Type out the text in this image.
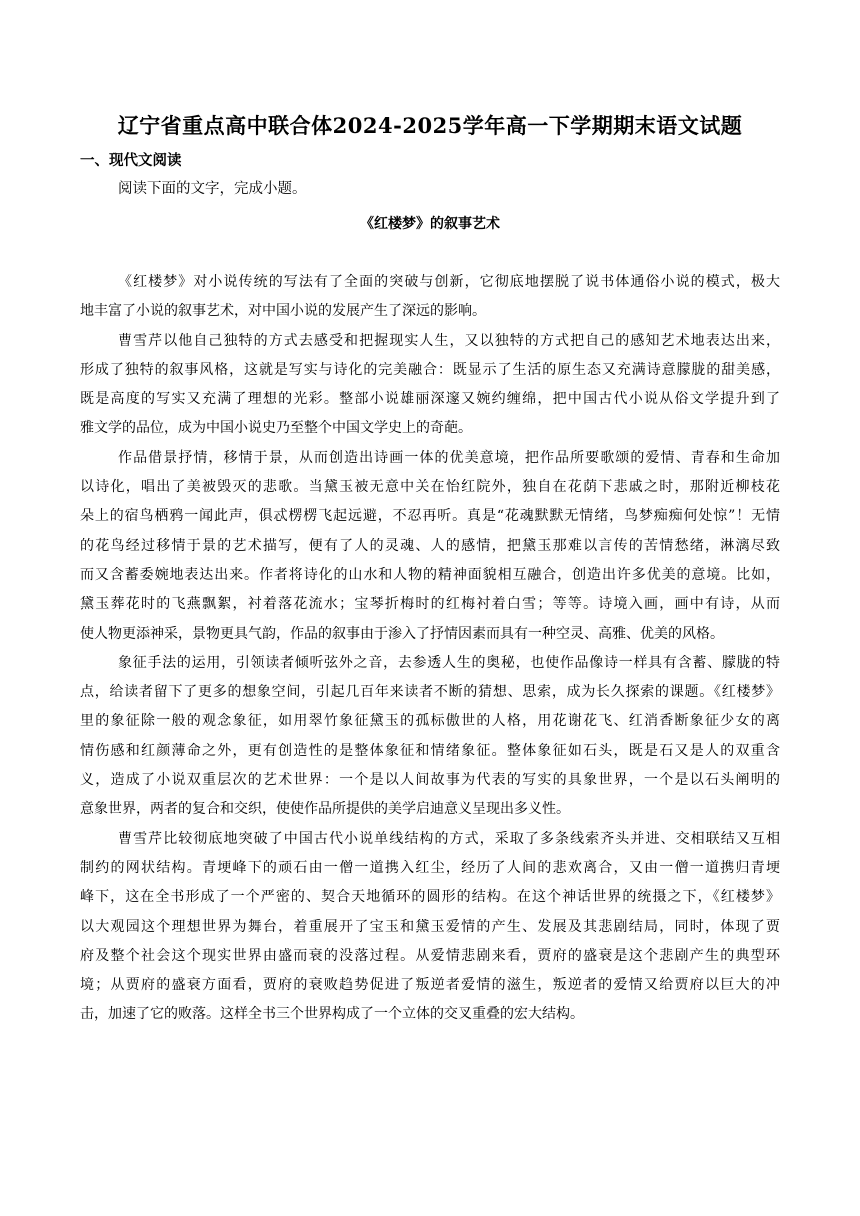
辽宁省重点高中联合体2024-2025学年高一下学期期末语文试题
一、现代文阅读
阅读下面的文字，完成小题。
《红楼梦》的叙事艺术
《红楼梦》对小说传统的写法有了全面的突破与创新，它彻底地摆脱了说书体通俗小说的模式，极大
地丰富了小说的叙事艺术，对中国小说的发展产生了深远的影响。
曹雪芹以他自己独特的方式去感受和把握现实人生，又以独特的方式把自己的感知艺术地表达出来，
形成了独特的叙事风格，这就是写实与诗化的完美融合：既显示了生活的原生态又充满诗意朦胧的甜美感，
既是高度的写实又充满了理想的光彩。整部小说雄丽深邃又婉约缠绵，把中国古代小说从俗文学提升到了
雅文学的品位，成为中国小说史乃至整个中国文学史上的奇葩。
作品借景抒情，移情于景，从而创造出诗画一体的优美意境，把作品所要歌颂的爱情、青春和生命加
以诗化，唱出了美被毁灭的悲歌。当黛玉被无意中关在怡红院外，独自在花荫下悲戚之时，那附近柳枝花
朵上的宿鸟栖鸦一闻此声，俱忒楞楞飞起远避，不忍再听。真是“花魂默默无情绪，鸟梦痴痴何处惊”！无情
的花鸟经过移情于景的艺术描写，便有了人的灵魂、人的感情，把黛玉那难以言传的苦情愁绪，淋漓尽致
而又含蓄委婉地表达出来。作者将诗化的山水和人物的精神面貌相互融合，创造出许多优美的意境。比如，
黛玉葬花时的飞燕飘絮，衬着落花流水；宝琴折梅时的红梅衬着白雪；等等。诗境入画，画中有诗，从而
使人物更添神采，景物更具气韵，作品的叙事由于渗入了抒情因素而具有一种空灵、高雅、优美的风格。
象征手法的运用，引领读者倾听弦外之音，去参透人生的奥秘，也使作品像诗一样具有含蓄、朦胧的特
点，给读者留下了更多的想象空间，引起几百年来读者不断的猜想、思索，成为长久探索的课题。《红楼梦》
里的象征除一般的观念象征，如用翠竹象征黛玉的孤标傲世的人格，用花谢花飞、红消香断象征少女的离
情伤感和红颜薄命之外，更有创造性的是整体象征和情绪象征。整体象征如石头，既是石又是人的双重含
义，造成了小说双重层次的艺术世界：一个是以人间故事为代表的写实的具象世界，一个是以石头阐明的
意象世界，两者的复合和交织，使使作品所提供的美学启迪意义呈现出多义性。
曹雪芹比较彻底地突破了中国古代小说单线结构的方式，采取了多条线索齐头并进、交相联结又互相
制约的网状结构。青埂峰下的顽石由一僧一道携入红尘，经历了人间的悲欢离合，又由一僧一道携归青埂
峰下，这在全书形成了一个严密的、契合天地循环的圆形的结构。在这个神话世界的统摄之下，《红楼梦》
以大观园这个理想世界为舞台，着重展开了宝玉和黛玉爱情的产生、发展及其悲剧结局，同时，体现了贾
府及整个社会这个现实世界由盛而衰的没落过程。从爱情悲剧来看，贾府的盛衰是这个悲剧产生的典型环
境；从贾府的盛衰方面看，贾府的衰败趋势促进了叛逆者爱情的滋生，叛逆者的爱情又给贾府以巨大的冲
击，加速了它的败落。这样全书三个世界构成了一个立体的交叉重叠的宏大结构。
